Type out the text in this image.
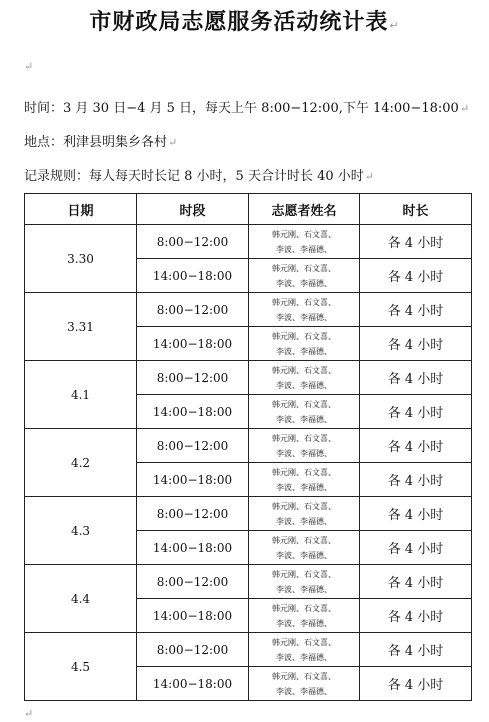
市财政局志愿服务活动统计表↵
↵
时间：3 月 30 日−4 月 5 日，每天上午 8:00−12:00,下午 14:00−18:00↵
地点：利津县明集乡各村↵
记录规则：每人每天时长记 8 小时，5 天合计时长 40 小时↵
日期	时段	志愿者姓名	时长
3.30	8:00−12:00	韩元刚、石文喜、
李波、李福德、	各 4 小时
	14:00−18:00	韩元刚、石文喜、
李波、李福德、	各 4 小时
3.31	8:00−12:00	韩元刚、石文喜、
李波、李福德、	各 4 小时
	14:00−18:00	韩元刚、石文喜、
李波、李福德、	各 4 小时
4.1	8:00−12:00	韩元刚、石文喜、
李波、李福德、	各 4 小时
	14:00−18:00	韩元刚、石文喜、
李波、李福德、	各 4 小时
4.2	8:00−12:00	韩元刚、石文喜、
李波、李福德、	各 4 小时
	14:00−18:00	韩元刚、石文喜、
李波、李福德、	各 4 小时
4.3	8:00−12:00	韩元刚、石文喜、
李波、李福德、	各 4 小时
	14:00−18:00	韩元刚、石文喜、
李波、李福德、	各 4 小时
4.4	8:00−12:00	韩元刚、石文喜、
李波、李福德、	各 4 小时
	14:00−18:00	韩元刚、石文喜、
李波、李福德、	各 4 小时
4.5	8:00−12:00	韩元刚、石文喜、
李波、李福德、	各 4 小时
	14:00−18:00	韩元刚、石文喜、
李波、李福德、	各 4 小时
↵
